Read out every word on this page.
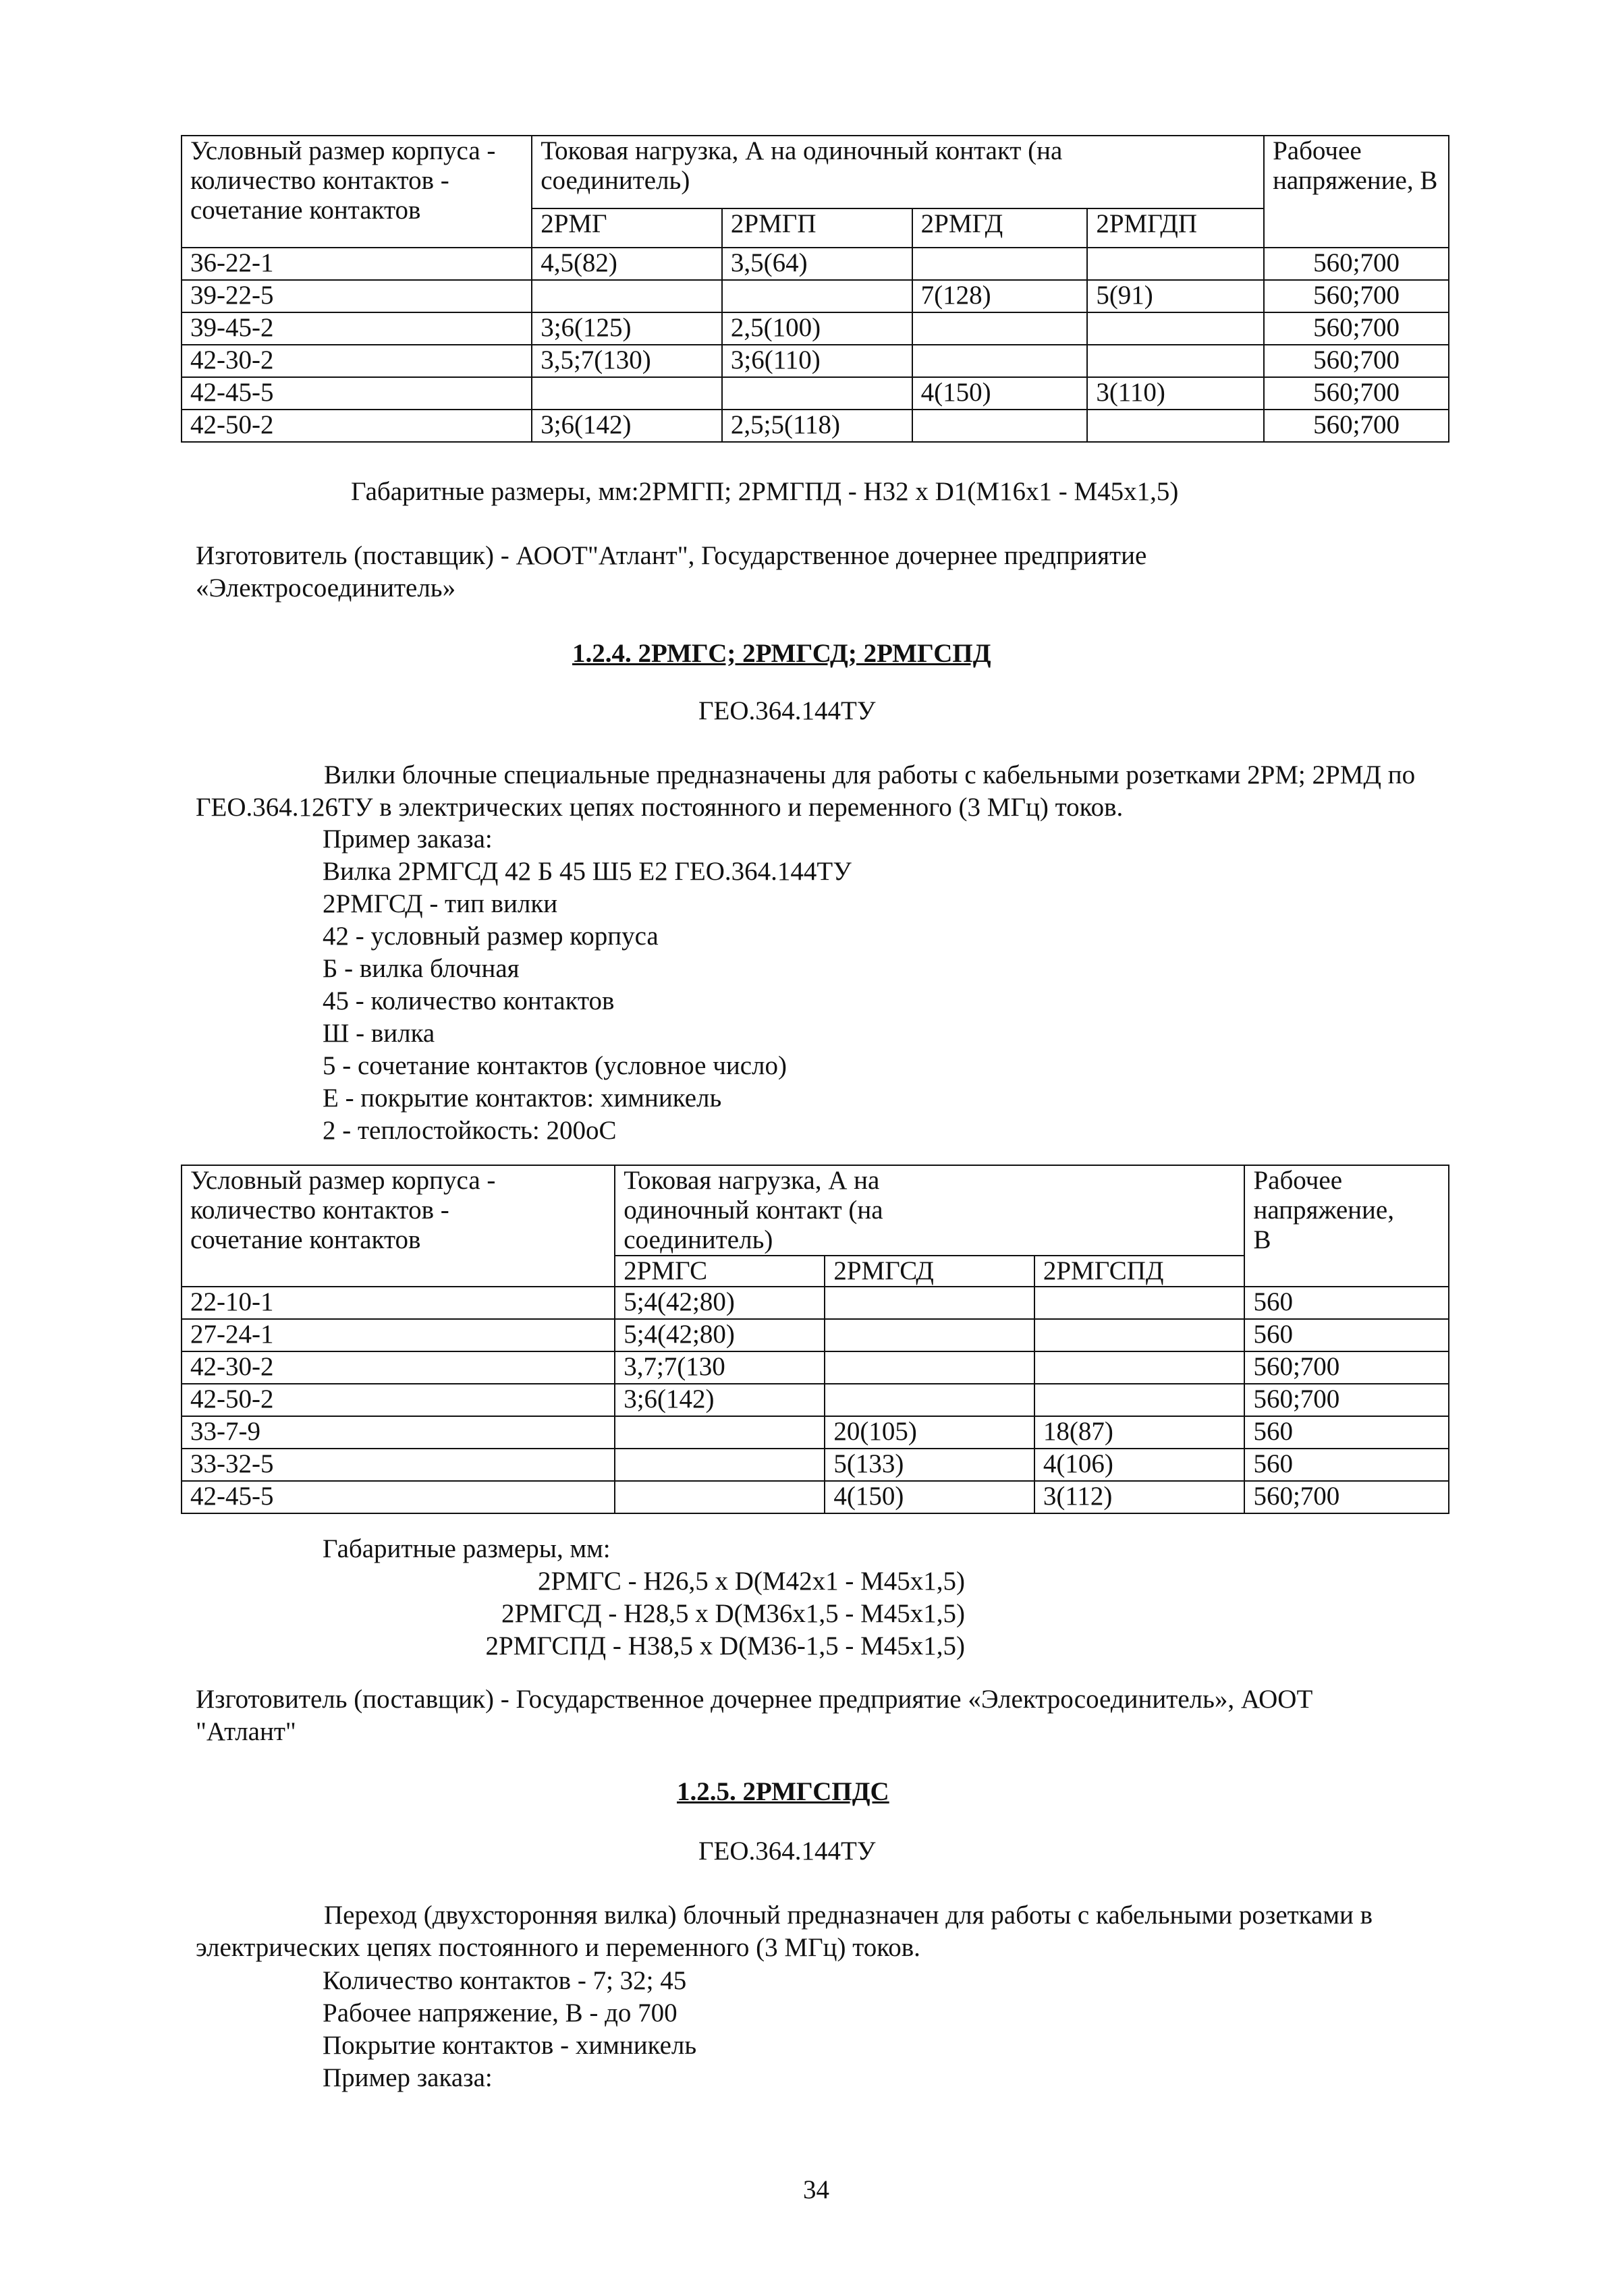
Условный размер корпуса - количество контактов - сочетание контактов	Токовая нагрузка, А на одиночный контакт (на соединитель)				Рабочее напряжение, В
	2РМГ	2РМГП	2РМГД	2РМГДП	
36-22-1	4,5(82)	3,5(64)			560;700
39-22-5			7(128)	5(91)	560;700
39-45-2	3;6(125)	2,5(100)			560;700
42-30-2	3,5;7(130)	3;6(110)			560;700
42-45-5			4(150)	3(110)	560;700
42-50-2	3;6(142)	2,5;5(118)			560;700

Габаритные размеры, мм:2РМГП; 2РМГПД - Н32 х D1(М16х1 - М45х1,5)

Изготовитель (поставщик) - АООТ"Атлант", Государственное дочернее предприятие «Электросоединитель»

1.2.4. 2РМГС; 2РМГСД; 2РМГСПД

ГЕО.364.144ТУ

Вилки блочные специальные предназначены для работы с кабельными розетками 2РМ; 2РМД по ГЕО.364.126ТУ в электрических цепях постоянного и переменного (3 МГц) токов.

Пример заказа:
Вилка 2РМГСД 42 Б 45 Ш5 Е2 ГЕО.364.144ТУ
2РМГСД - тип вилки
42 - условный размер корпуса
Б - вилка блочная
45 - количество контактов
Ш - вилка
5 - сочетание контактов (условное число)
Е - покрытие контактов: химникель
2 - теплостойкость: 200оС
Условный размер корпуса - количество контактов - сочетание контактов	Токовая нагрузка, А на одиночный контакт (на соединитель)			Рабочее напряжение, В
	2РМГС	2РМГСД	2РМГСПД	
22-10-1	5;4(42;80)			560
27-24-1	5;4(42;80)			560
42-30-2	3,7;7(130			560;700
42-50-2	3;6(142)			560;700
33-7-9		20(105)	18(87)	560
33-32-5		5(133)	4(106)	560
42-45-5		4(150)	3(112)	560;700

Габаритные размеры, мм:

2РМГС - Н26,5 х D(М42х1 - М45х1,5)
2РМГСД - Н28,5 х D(М36х1,5 - М45х1,5)
2РМГСПД - Н38,5 х D(М36-1,5 - М45х1,5)

Изготовитель (поставщик) - Государственное дочернее предприятие «Электросоединитель», АООТ "Атлант"

1.2.5. 2РМГСПДС

ГЕО.364.144ТУ

Переход (двухсторонняя вилка) блочный предназначен для работы с кабельными розетками в электрических цепях постоянного и переменного (3 МГц) токов.

Количество контактов - 7; 32; 45
Рабочее напряжение, В - до 700
Покрытие контактов - химникель
Пример заказа:

34
